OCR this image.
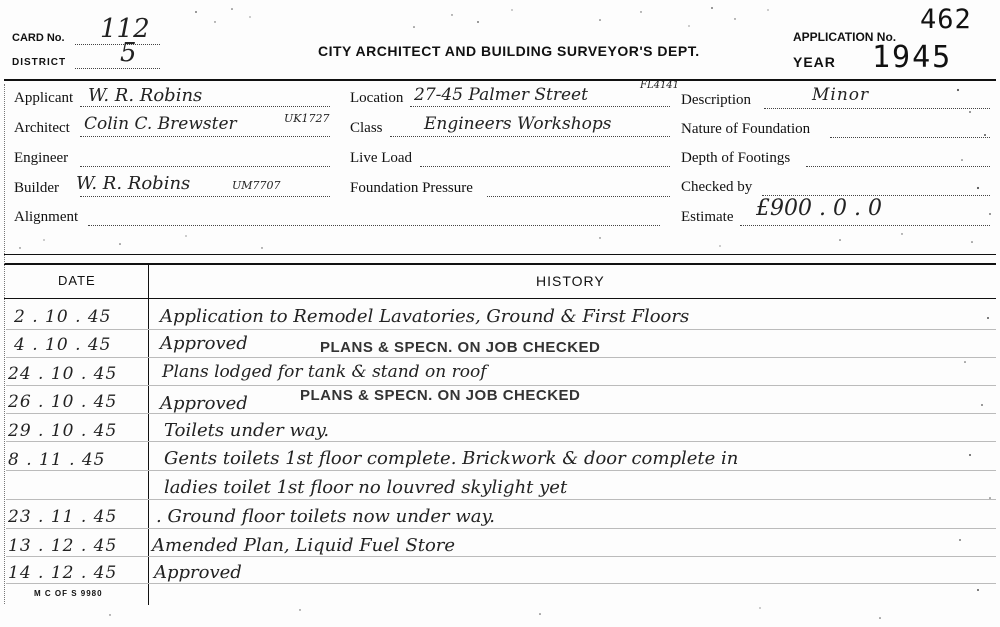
CARD No. 112
DISTRICT 5	CITY ARCHITECT AND BUILDING SURVEYOR'S DEPT.
APPLICATION No.
462
YEAR 1945
Applicant W. R. Robins
Architect Colin C. Brewster	UK1727
Engineer
Builder W. R. Robins	UM7707
Alignment
Location 27-45 Palmer Street	FL4141
Class Engineers Workshops
Live Load
Foundation Pressure
Description	Minor
Nature of Foundation
Depth of Footings
Checked by
Estimate £900 . 0 . 0
DATE	HISTORY
2 . 10 . 45	Application to Remodel Lavatories, Ground & First Floors
4 . 10 . 45	Approved	PLANS & SPECN. ON JOB CHECKED
24 . 10 . 45	Plans lodged for tank & stand on roof
26 . 10 . 45 Approved	PLANS & SPECN. ON JOB CHECKED
29 . 10 . 45	Toilets under way.
8 . 11 . 45	Gents toilets 1st floor complete. Brickwork & door complete in
ladies toilet 1st floor no louvred skylight yet
23 . 11 . 45 . Ground floor toilets now under way.
13 . 12 . 45 Amended Plan, Liquid Fuel Store
14 . 12 . 45 Approved
M C OF S 9980
